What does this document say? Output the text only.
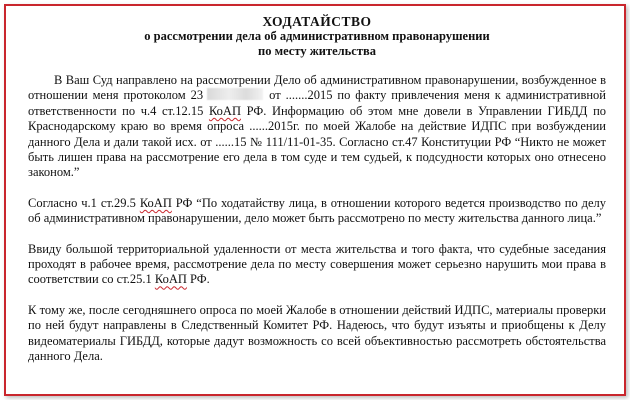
ХОДАТАЙСТВО
о рассмотрении дела об административном правонарушении
по месту жительства

В Ваш Суд направлено на рассмотрении Дело об административном правонарушении, возбужденное в отношении меня протоколом 23	от .......2015 по факту привлечения меня к административной ответственности по ч.4 ст.12.15 КоАП РФ. Информацию об этом мне довели в Управлении ГИБДД по Краснодарскому краю во время опроса ......2015г. по моей Жалобе на действие ИДПС при возбуждении данного Дела и дали такой исх. от ......15 № 111/11-01-35. Согласно ст.47 Конституции РФ “Никто не может быть лишен права на рассмотрение его дела в том суде и тем судьей, к подсудности которых оно отнесено законом.”

Согласно ч.1 ст.29.5 КоАП РФ “По ходатайству лица, в отношении которого ведется производство по делу об административном правонарушении, дело может быть рассмотрено по месту жительства данного лица.”

Ввиду большой территориальной удаленности от места жительства и того факта, что судебные заседания проходят в рабочее время, рассмотрение дела по месту совершения может серьезно нарушить мои права в соответствии со ст.25.1 КоАП РФ.

К тому же, после сегодняшнего опроса по моей Жалобе в отношении действий ИДПС, материалы проверки по ней будут направлены в Следственный Комитет РФ. Надеюсь, что будут изъяты и приобщены к Делу видеоматериалы ГИБДД, которые дадут возможность со всей объективностью рассмотреть обстоятельства данного Дела.
